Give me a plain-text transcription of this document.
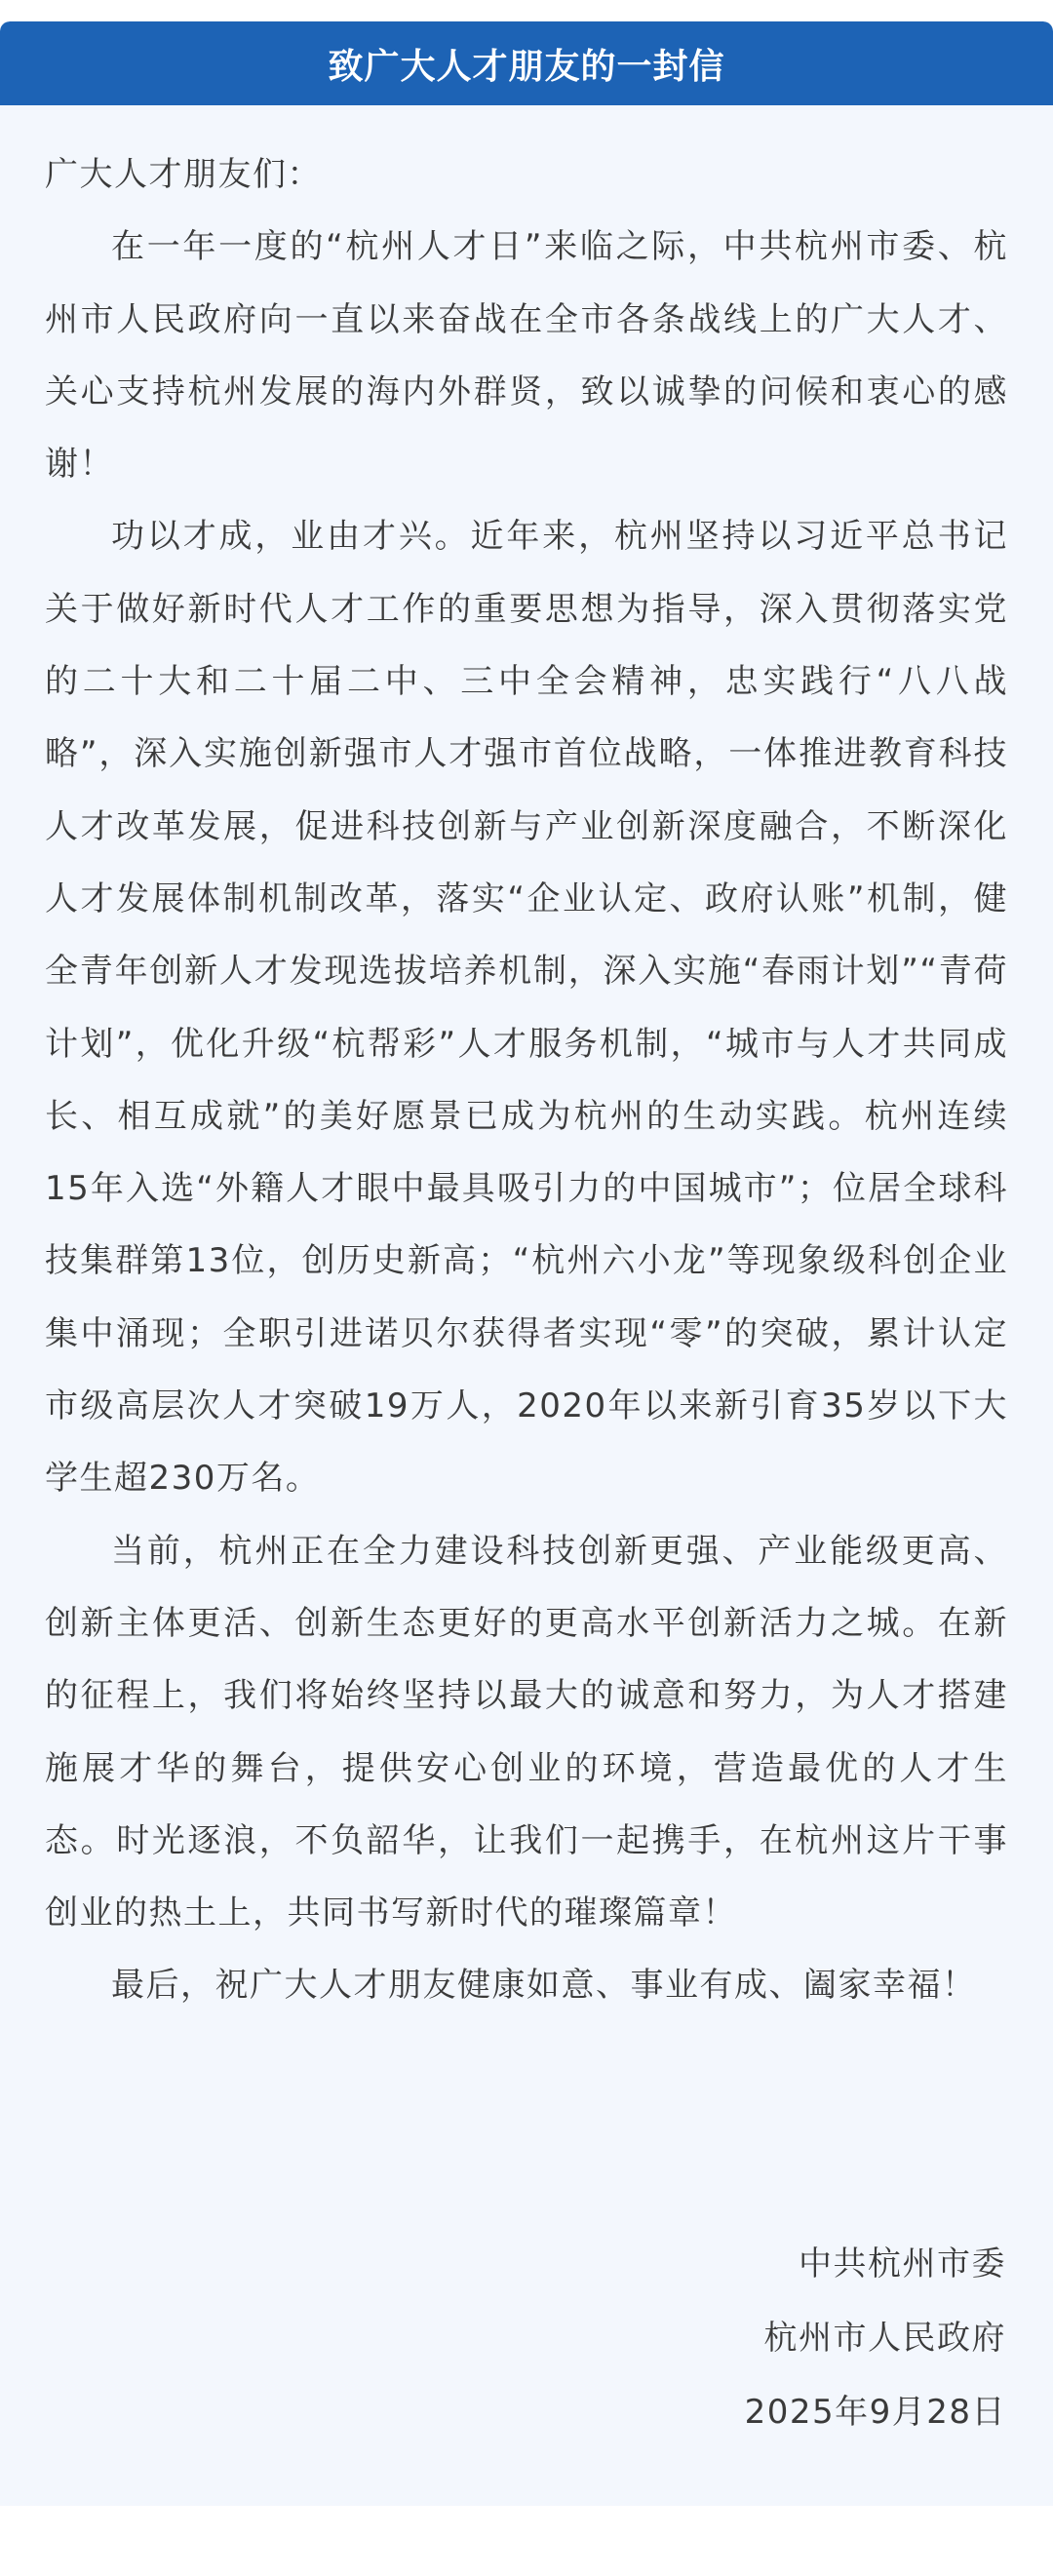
致广大人才朋友的一封信

广大人才朋友们：

在一年一度的“杭州人才日”来临之际，中共杭州市委、杭州市人民政府向一直以来奋战在全市各条战线上的广大人才、关心支持杭州发展的海内外群贤，致以诚挚的问候和衷心的感谢！

功以才成，业由才兴。近年来，杭州坚持以习近平总书记关于做好新时代人才工作的重要思想为指导，深入贯彻落实党的二十大和二十届二中、三中全会精神，忠实践行“八八战略”，深入实施创新强市人才强市首位战略，一体推进教育科技人才改革发展，促进科技创新与产业创新深度融合，不断深化人才发展体制机制改革，落实“企业认定、政府认账”机制，健全青年创新人才发现选拔培养机制，深入实施“春雨计划”“青荷计划”，优化升级“杭帮彩”人才服务机制，“城市与人才共同成长、相互成就”的美好愿景已成为杭州的生动实践。杭州连续15年入选“外籍人才眼中最具吸引力的中国城市”；位居全球科技集群第13位，创历史新高；“杭州六小龙”等现象级科创企业集中涌现；全职引进诺贝尔获得者实现“零”的突破，累计认定市级高层次人才突破19万人，2020年以来新引育35岁以下大学生超230万名。

当前，杭州正在全力建设科技创新更强、产业能级更高、创新主体更活、创新生态更好的更高水平创新活力之城。在新的征程上，我们将始终坚持以最大的诚意和努力，为人才搭建施展才华的舞台，提供安心创业的环境，营造最优的人才生态。时光逐浪，不负韶华，让我们一起携手，在杭州这片干事创业的热土上，共同书写新时代的璀璨篇章！

最后，祝广大人才朋友健康如意、事业有成、阖家幸福！

中共杭州市委
杭州市人民政府
2025年9月28日
